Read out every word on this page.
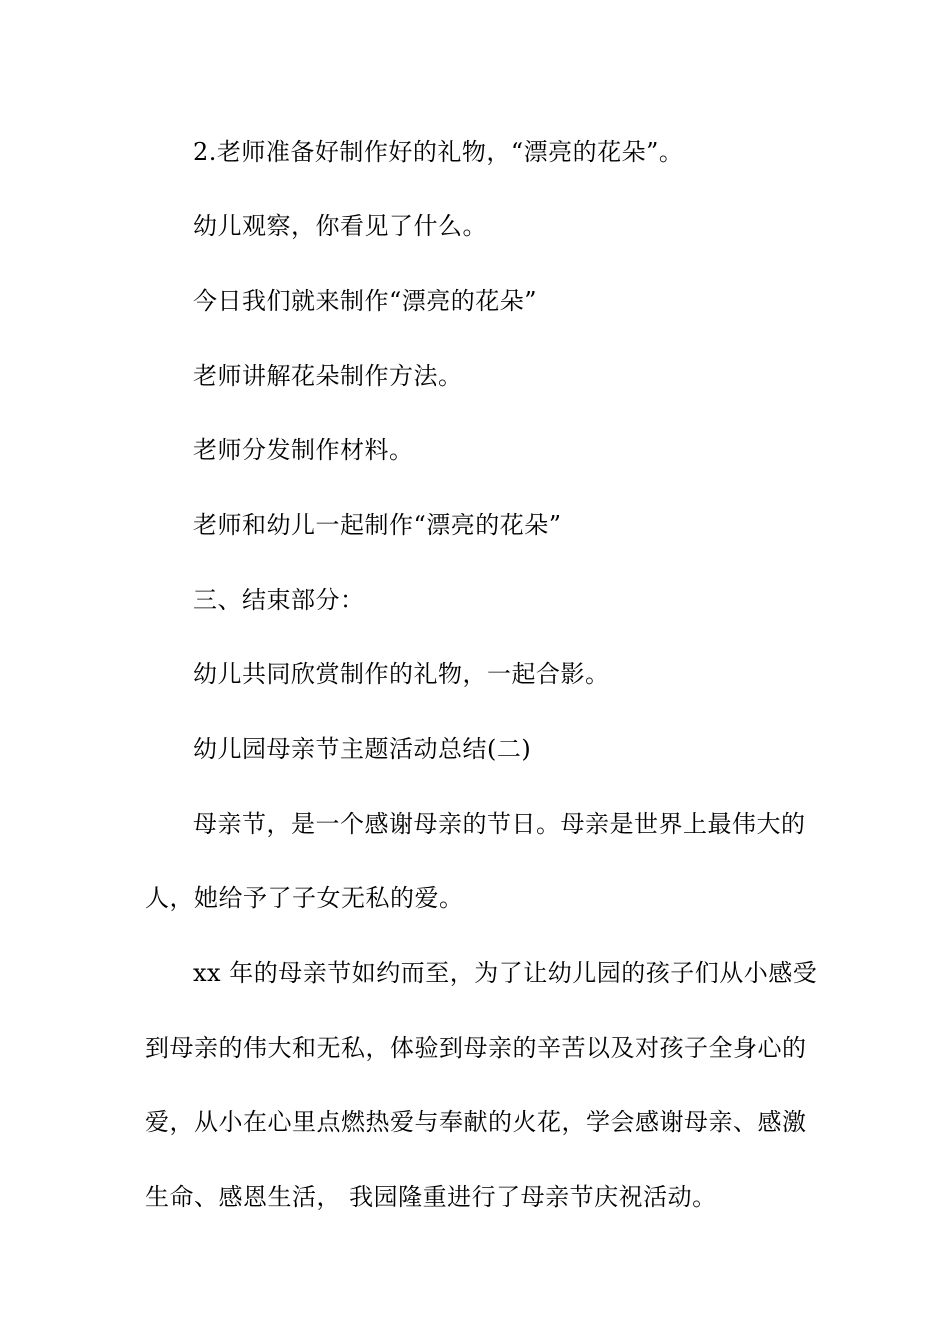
2.老师准备好制作好的礼物，“漂亮的花朵”。
幼儿观察，你看见了什么。
今日我们就来制作“漂亮的花朵”
老师讲解花朵制作方法。
老师分发制作材料。
老师和幼儿一起制作“漂亮的花朵”
三、结束部分：
幼儿共同欣赏制作的礼物，一起合影。
幼儿园母亲节主题活动总结(二)
母亲节，是一个感谢母亲的节日。母亲是世界上最伟大的
人，她给予了子女无私的爱。
xx 年的母亲节如约而至，为了让幼儿园的孩子们从小感受
到母亲的伟大和无私，体验到母亲的辛苦以及对孩子全身心的
爱，从小在心里点燃热爱与奉献的火花，学会感谢母亲、感激
生命、感恩生活， 我园隆重进行了母亲节庆祝活动。
